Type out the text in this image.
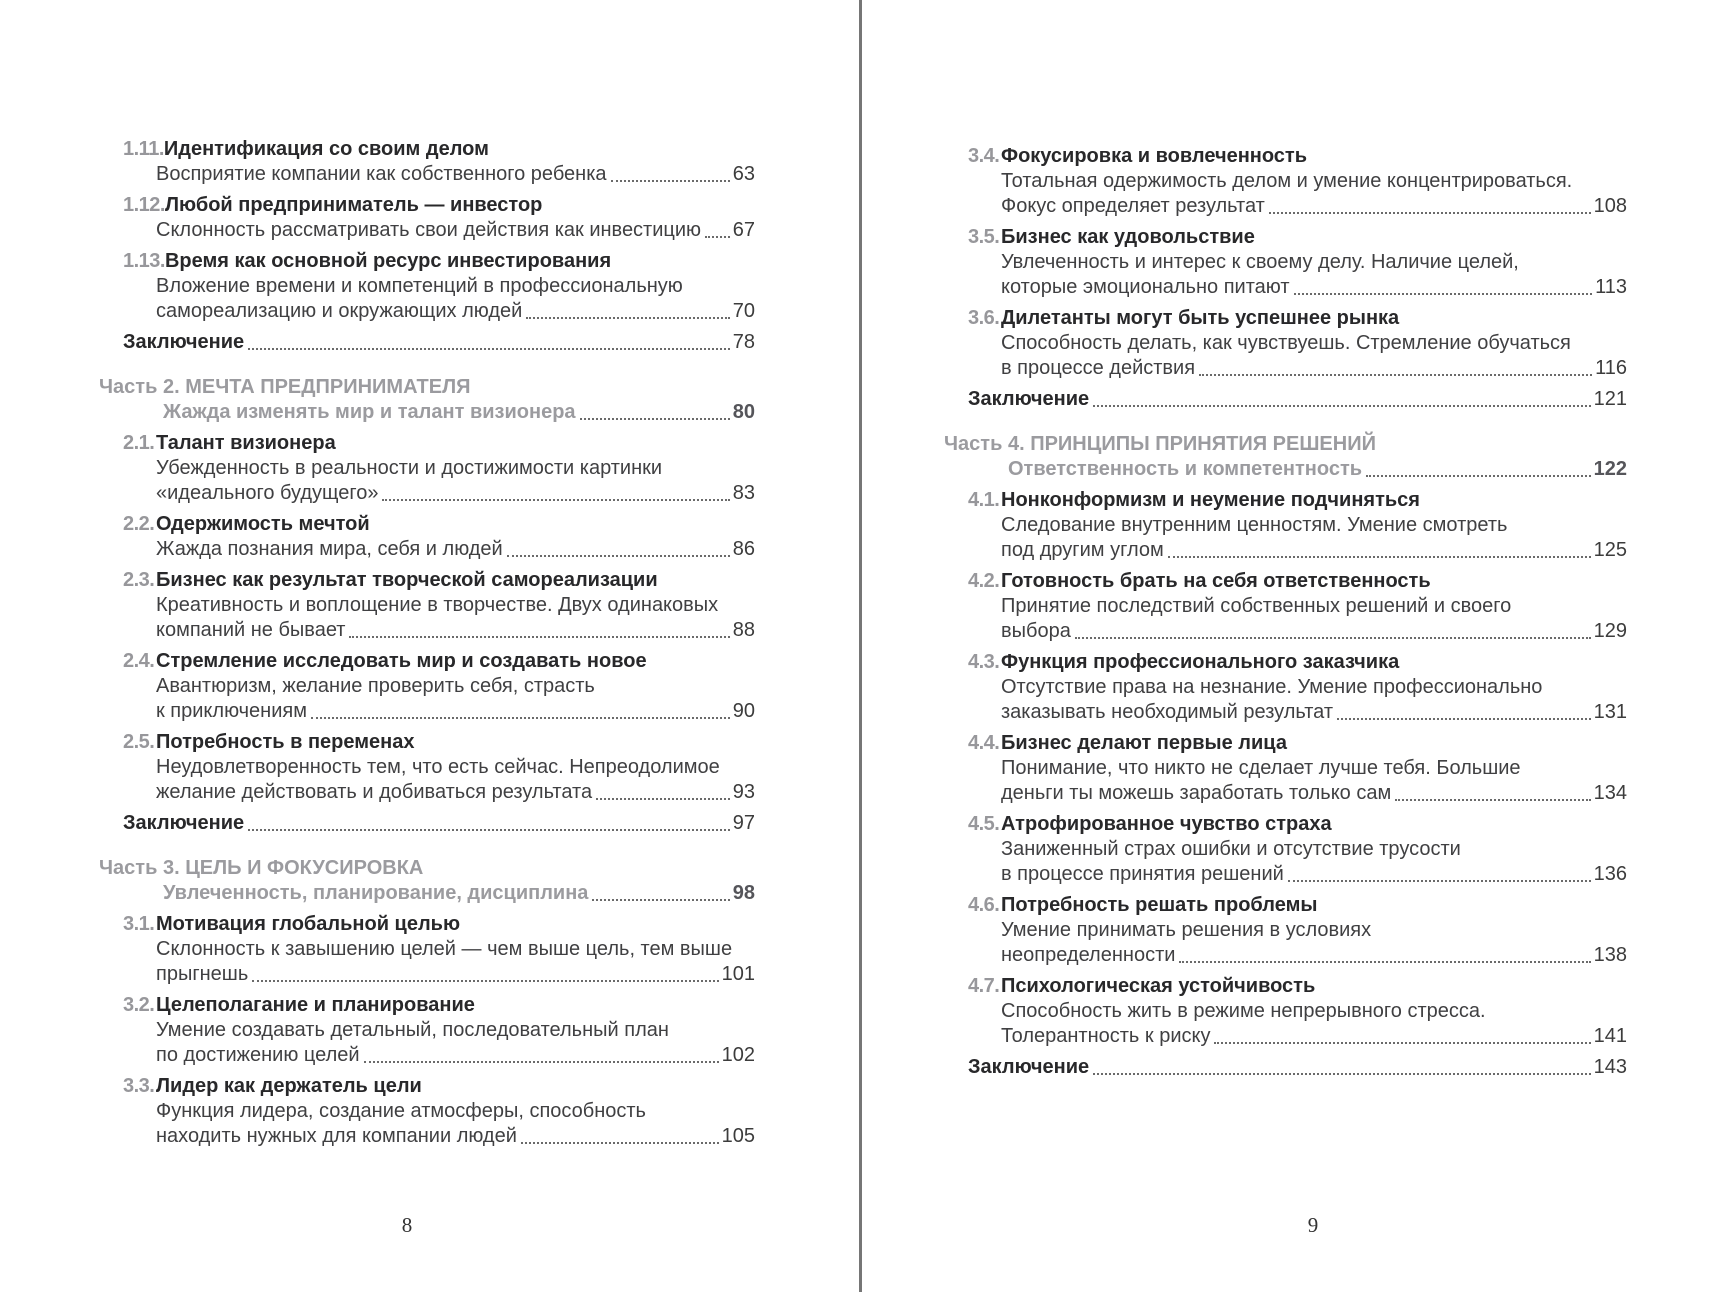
1.11.Идентификация со своим делом
Восприятие компании как собственного ребенка	63
1.12.Любой предприниматель — инвестор
Склонность рассматривать свои действия как инвестицию 67
1.13.Время как основной ресурс инвестирования
Вложение времени и компетенций в профессиональную
самореализацию и окружающих людей	70
Заключение	78
Часть 2. МЕЧТА ПРЕДПРИНИМАТЕЛЯ
Жажда изменять мир и талант визионера	80
2.1.Талант визионера
Убежденность в реальности и достижимости картинки
«идеального будущего»	83
2.2.Одержимость мечтой
Жажда познания мира, себя и людей	86
2.3.Бизнес как результат творческой самореализации
Креативность и воплощение в творчестве. Двух одинаковых
компаний не бывает	88
2.4.Стремление исследовать мир и создавать новое
Авантюризм, желание проверить себя, страсть
к приключениям	90
2.5.Потребность в переменах
Неудовлетворенность тем, что есть сейчас. Непреодолимое
желание действовать и добиваться результата	93
Заключение	97
Часть 3. ЦЕЛЬ И ФОКУСИРОВКА
Увлеченность, планирование, дисциплина	98
3.1.Мотивация глобальной целью
Склонность к завышению целей — чем выше цель, тем выше
прыгнешь	101
3.2.Целеполагание и планирование
Умение создавать детальный, последовательный план
по достижению целей	102
3.3.Лидер как держатель цели
Функция лидера, создание атмосферы, способность
находить нужных для компании людей	105
8
3.4.Фокусировка и вовлеченность
Тотальная одержимость делом и умение концентрироваться.
Фокус определяет результат	108
3.5.Бизнес как удовольствие
Увлеченность и интерес к своему делу. Наличие целей,
которые эмоционально питают	113
3.6.Дилетанты могут быть успешнее рынка
Способность делать, как чувствуешь. Стремление обучаться
в процессе действия	116
Заключение	121
Часть 4. ПРИНЦИПЫ ПРИНЯТИЯ РЕШЕНИЙ
Ответственность и компетентность	122
4.1.Нонконформизм и неумение подчиняться
Следование внутренним ценностям. Умение смотреть
под другим углом	125
4.2.Готовность брать на себя ответственность
Принятие последствий собственных решений и своего
выбора	129
4.3.Функция профессионального заказчика
Отсутствие права на незнание. Умение профессионально
заказывать необходимый результат	131
4.4.Бизнес делают первые лица
Понимание, что никто не сделает лучше тебя. Большие
деньги ты можешь заработать только сам	134
4.5.Атрофированное чувство страха
Заниженный страх ошибки и отсутствие трусости
в процессе принятия решений	136
4.6.Потребность решать проблемы
Умение принимать решения в условиях
неопределенности	138
4.7.Психологическая устойчивость
Способность жить в режиме непрерывного стресса.
Толерантность к риску	141
Заключение	143
9
